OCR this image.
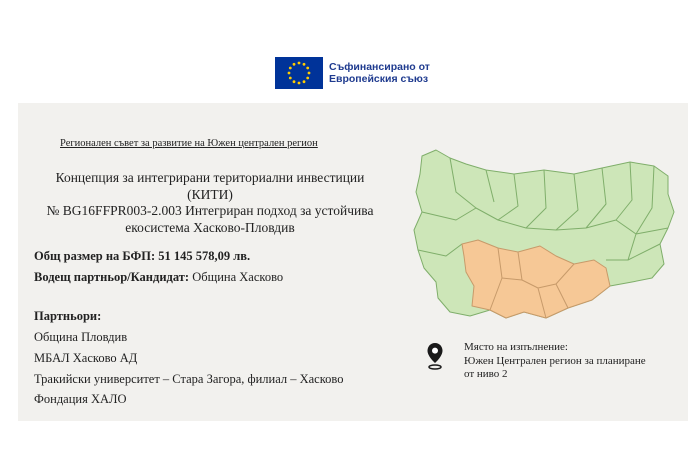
Съфинансирано от
Европейския съюз
Регионален съвет за развитие на Южен централен регион
Концепция за интегрирани териториални инвестиции
(КИТИ)
№ BG16FFPR003-2.003 Интегриран подход за устойчива
екосистема Хасково-Пловдив
Общ размер на БФП: 51 145 578,09 лв.
Водещ партньор/Кандидат: Община Хасково
Партньори:
Община Пловдив
МБАЛ Хасково АД
Тракийски университет – Стара Загора, филиал – Хасково
Фондация ХАЛО
Място на изпълнение:
Южен Централен регион за планиране
от ниво 2
